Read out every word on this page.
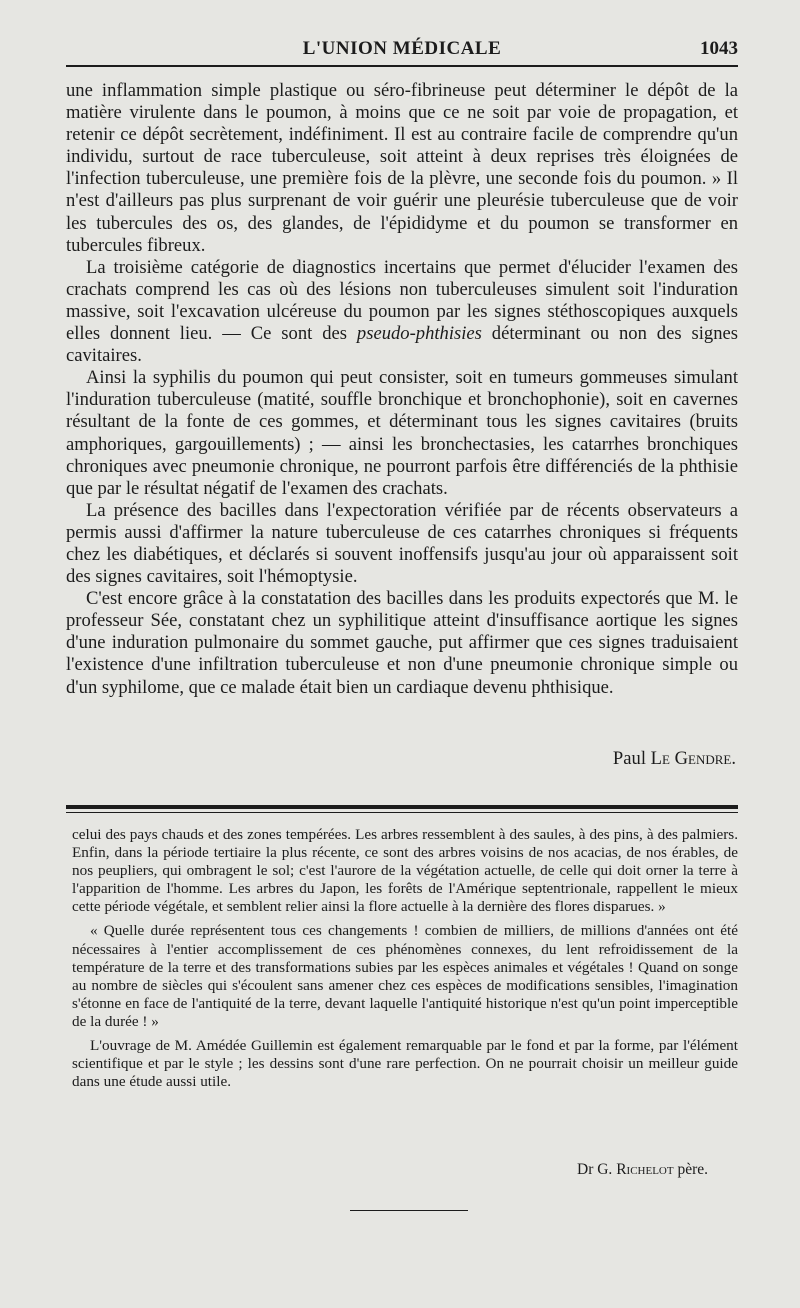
L'UNION MÉDICALE	1043

une inflammation simple plastique ou séro-fibrineuse peut déterminer le dépôt de la matière virulente dans le poumon, à moins que ce ne soit par voie de propagation, et retenir ce dépôt secrètement, indéfiniment. Il est au contraire facile de comprendre qu'un individu, surtout de race tuberculeuse, soit atteint à deux reprises très éloignées de l'infection tuberculeuse, une première fois de la plèvre, une seconde fois du poumon. » Il n'est d'ailleurs pas plus surprenant de voir guérir une pleurésie tuberculeuse que de voir les tubercules des os, des glandes, de l'épididyme et du poumon se transformer en tubercules fibreux.

La troisième catégorie de diagnostics incertains que permet d'élucider l'examen des crachats comprend les cas où des lésions non tuberculeuses simulent soit l'induration massive, soit l'excavation ulcéreuse du poumon par les signes stéthoscopiques auxquels elles donnent lieu. — Ce sont des pseudo-phthisies déterminant ou non des signes cavitaires.

Ainsi la syphilis du poumon qui peut consister, soit en tumeurs gommeuses simulant l'induration tuberculeuse (matité, souffle bronchique et bronchophonie), soit en cavernes résultant de la fonte de ces gommes, et déterminant tous les signes cavitaires (bruits amphoriques, gargouillements) ; — ainsi les bronchectasies, les catarrhes bronchiques chroniques avec pneumonie chronique, ne pourront parfois être différenciés de la phthisie que par le résultat négatif de l'examen des crachats.

La présence des bacilles dans l'expectoration vérifiée par de récents observateurs a permis aussi d'affirmer la nature tuberculeuse de ces catarrhes chroniques si fréquents chez les diabétiques, et déclarés si souvent inoffensifs jusqu'au jour où apparaissent soit des signes cavitaires, soit l'hémoptysie.

C'est encore grâce à la constatation des bacilles dans les produits expectorés que M. le professeur Sée, constatant chez un syphilitique atteint d'insuffisance aortique les signes d'une induration pulmonaire du sommet gauche, put affirmer que ces signes traduisaient l'existence d'une infiltration tuberculeuse et non d'une pneumonie chronique simple ou d'un syphilome, que ce malade était bien un cardiaque devenu phthisique.

Paul Le Gendre.

celui des pays chauds et des zones tempérées. Les arbres ressemblent à des saules, à des pins, à des palmiers. Enfin, dans la période tertiaire la plus récente, ce sont des arbres voisins de nos acacias, de nos érables, de nos peupliers, qui ombragent le sol; c'est l'aurore de la végétation actuelle, de celle qui doit orner la terre à l'apparition de l'homme. Les arbres du Japon, les forêts de l'Amérique septentrionale, rappellent le mieux cette période végétale, et semblent relier ainsi la flore actuelle à la dernière des flores disparues. »

« Quelle durée représentent tous ces changements ! combien de milliers, de millions d'années ont été nécessaires à l'entier accomplissement de ces phénomènes connexes, du lent refroidissement de la température de la terre et des transformations subies par les espèces animales et végétales ! Quand on songe au nombre de siècles qui s'écoulent sans amener chez ces espèces de modifications sensibles, l'imagination s'étonne en face de l'antiquité de la terre, devant laquelle l'antiquité historique n'est qu'un point imperceptible de la durée ! »

L'ouvrage de M. Amédée Guillemin est également remarquable par le fond et par la forme, par l'élément scientifique et par le style ; les dessins sont d'une rare perfection. On ne pourrait choisir un meilleur guide dans une étude aussi utile.

Dr G. Richelot père.
